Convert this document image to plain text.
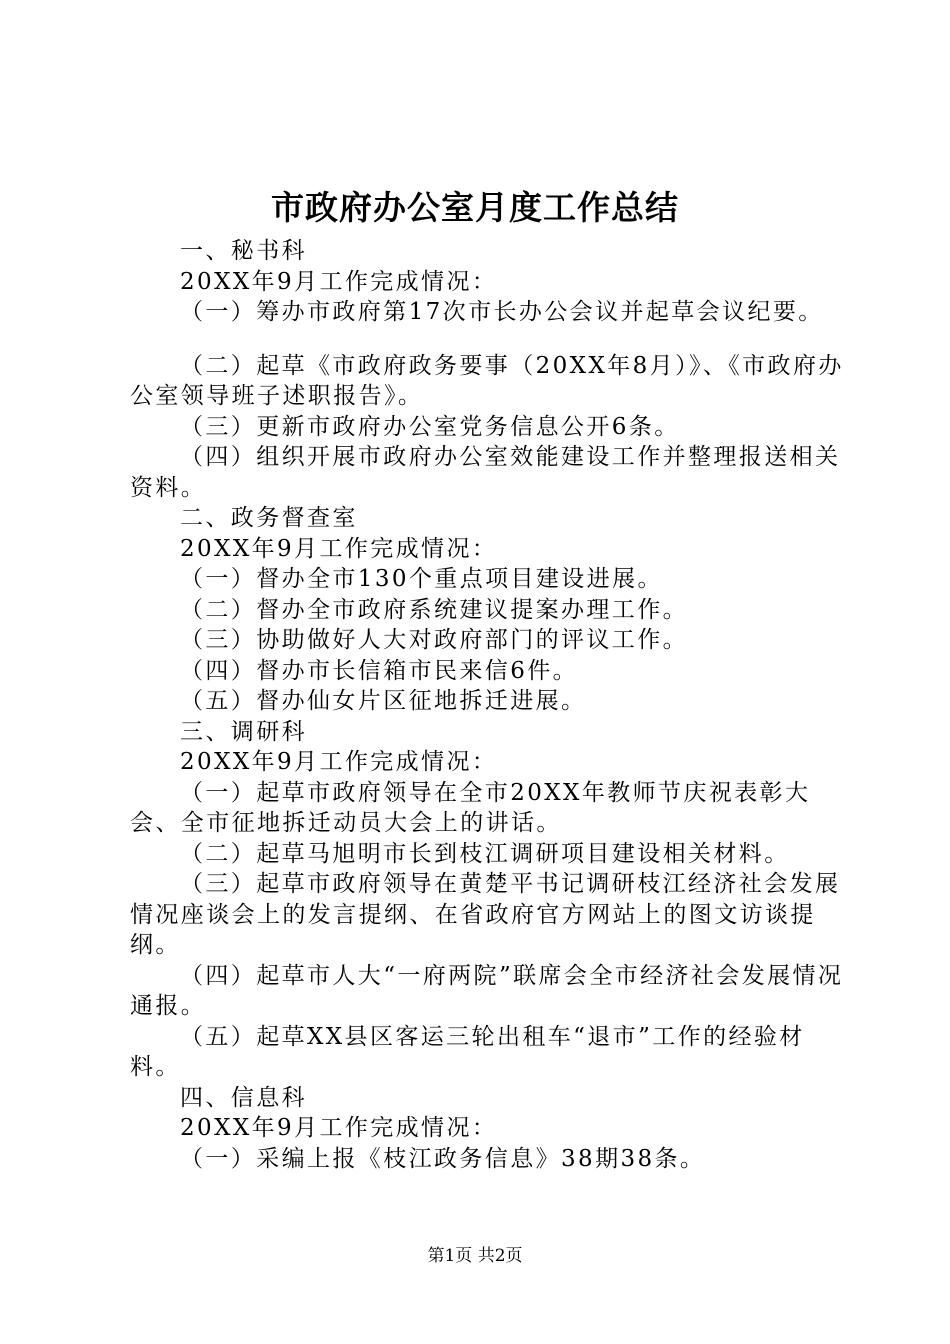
市政府办公室月度工作总结

一、秘书科

20XX年9月工作完成情况：

（一）筹办市政府第17次市长办公会议并起草会议纪要。

（二）起草《市政府政务要事（20XX年8月）》、《市政府办公室领导班子述职报告》。

（三）更新市政府办公室党务信息公开6条。

（四）组织开展市政府办公室效能建设工作并整理报送相关资料。

二、政务督查室

20XX年9月工作完成情况：

（一）督办全市130个重点项目建设进展。

（二）督办全市政府系统建议提案办理工作。

（三）协助做好人大对政府部门的评议工作。

（四）督办市长信箱市民来信6件。

（五）督办仙女片区征地拆迁进展。

三、调研科

20XX年9月工作完成情况：

（一）起草市政府领导在全市20XX年教师节庆祝表彰大会、全市征地拆迁动员大会上的讲话。

（二）起草马旭明市长到枝江调研项目建设相关材料。

（三）起草市政府领导在黄楚平书记调研枝江经济社会发展情况座谈会上的发言提纲、在省政府官方网站上的图文访谈提纲。

（四）起草市人大“一府两院”联席会全市经济社会发展情况通报。

（五）起草XX县区客运三轮出租车“退市”工作的经验材料。

四、信息科

20XX年9月工作完成情况：

（一）采编上报《枝江政务信息》38期38条。

第1页 共2页
